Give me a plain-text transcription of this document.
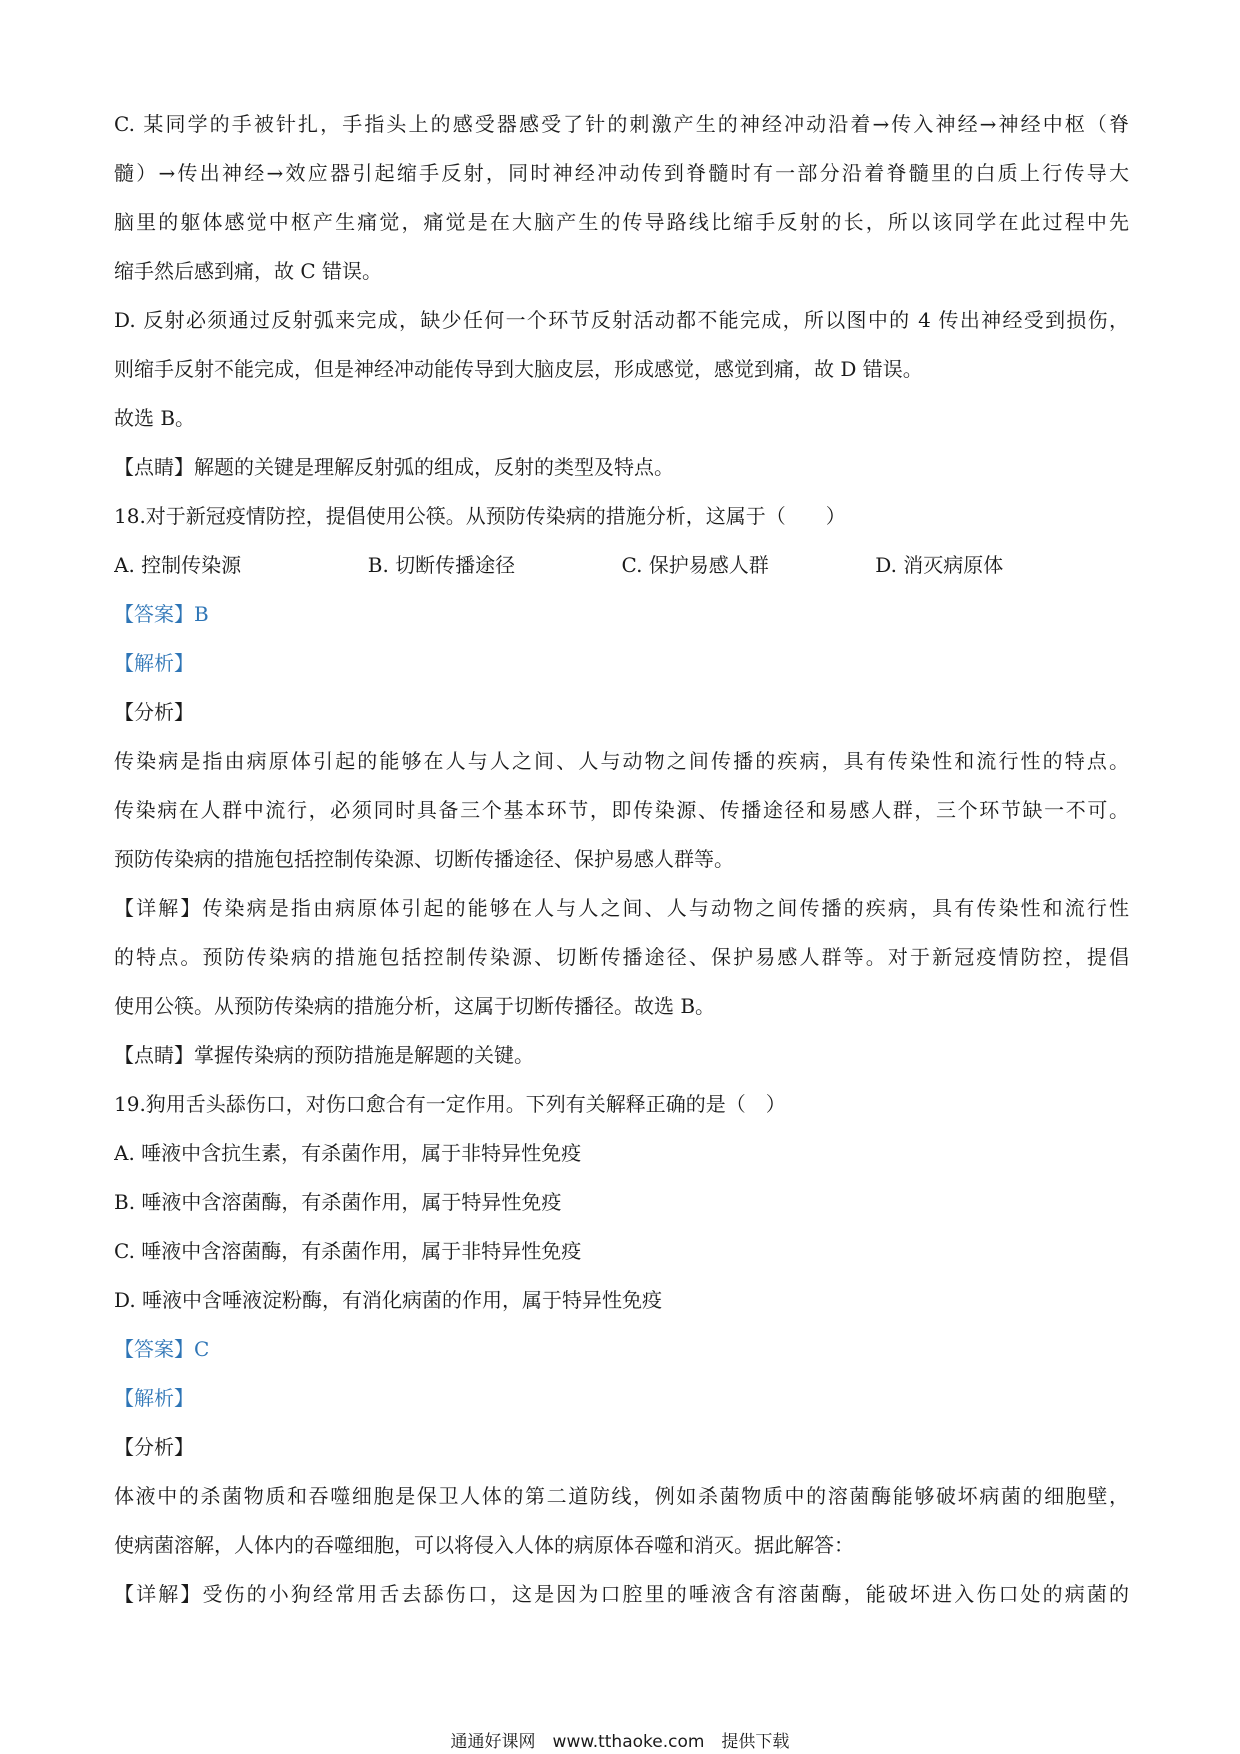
C. 某同学的手被针扎，手指头上的感受器感受了针的刺激产生的神经冲动沿着→传入神经→神经中枢（脊

髓）→传出神经→效应器引起缩手反射，同时神经冲动传到脊髓时有一部分沿着脊髓里的白质上行传导大

脑里的躯体感觉中枢产生痛觉，痛觉是在大脑产生的传导路线比缩手反射的长，所以该同学在此过程中先

缩手然后感到痛，故 C 错误。

D. 反射必须通过反射弧来完成，缺少任何一个环节反射活动都不能完成，所以图中的 4 传出神经受到损伤，

则缩手反射不能完成，但是神经冲动能传导到大脑皮层，形成感觉，感觉到痛，故 D 错误。

故选 B。

【点睛】解题的关键是理解反射弧的组成，反射的类型及特点。

18.对于新冠疫情防控，提倡使用公筷。从预防传染病的措施分析，这属于（　　）

A. 控制传染源	B. 切断传播途径	C. 保护易感人群	D. 消灭病原体

【答案】B

【解析】

【分析】

传染病是指由病原体引起的能够在人与人之间、人与动物之间传播的疾病，具有传染性和流行性的特点。

传染病在人群中流行，必须同时具备三个基本环节，即传染源、传播途径和易感人群，三个环节缺一不可。

预防传染病的措施包括控制传染源、切断传播途径、保护易感人群等。

【详解】传染病是指由病原体引起的能够在人与人之间、人与动物之间传播的疾病，具有传染性和流行性

的特点。预防传染病的措施包括控制传染源、切断传播途径、保护易感人群等。对于新冠疫情防控，提倡

使用公筷。从预防传染病的措施分析，这属于切断传播径。故选 B。

【点睛】掌握传染病的预防措施是解题的关键。

19.狗用舌头舔伤口，对伤口愈合有一定作用。下列有关解释正确的是（　）

A. 唾液中含抗生素，有杀菌作用，属于非特异性免疫

B. 唾液中含溶菌酶，有杀菌作用，属于特异性免疫

C. 唾液中含溶菌酶，有杀菌作用，属于非特异性免疫

D. 唾液中含唾液淀粉酶，有消化病菌的作用，属于特异性免疫

【答案】C

【解析】

【分析】

体液中的杀菌物质和吞噬细胞是保卫人体的第二道防线，例如杀菌物质中的溶菌酶能够破坏病菌的细胞壁，

使病菌溶解，人体内的吞噬细胞，可以将侵入人体的病原体吞噬和消灭。据此解答：

【详解】受伤的小狗经常用舌去舔伤口，这是因为口腔里的唾液含有溶菌酶，能破坏进入伤口处的病菌的

通通好课网　www.tthaoke.com　提供下载
